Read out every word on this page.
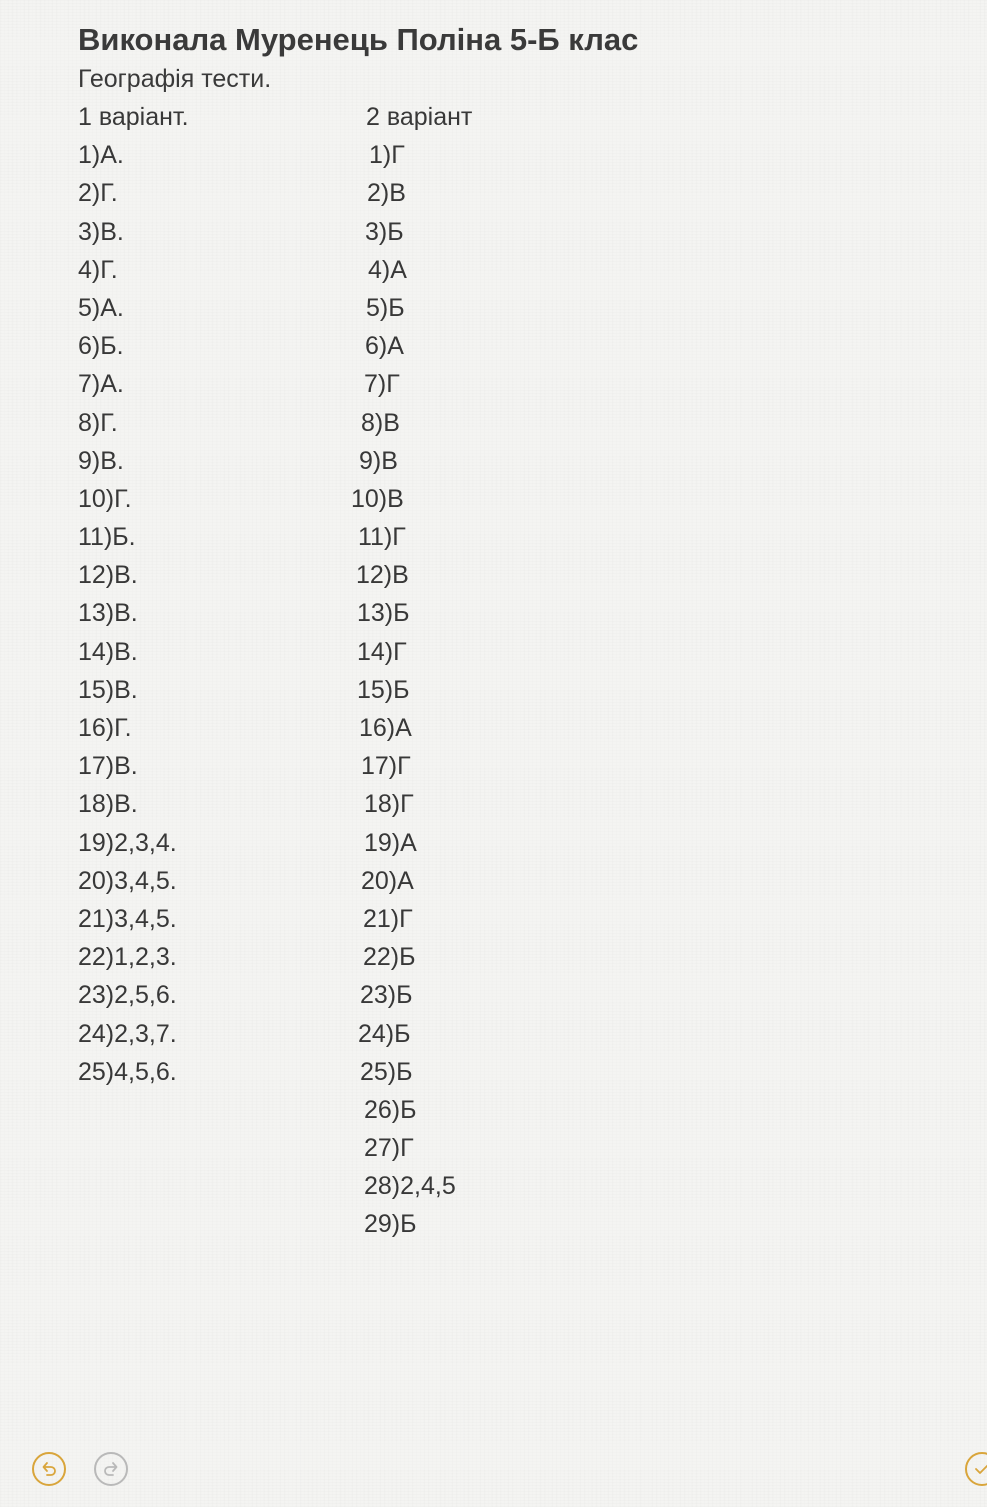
Виконала Муренець Поліна 5-Б клас
Географія тести.
1 варіант.	2 варіант
1)А.	1)Г
2)Г.	2)В
3)В.	3)Б
4)Г.	4)А
5)А.	5)Б
6)Б.	6)А
7)А.	7)Г
8)Г.	8)В
9)В.	9)В
10)Г.	10)В
11)Б.	11)Г
12)В.	12)В
13)В.	13)Б
14)В.	14)Г
15)В.	15)Б
16)Г.	16)А
17)В.	17)Г
18)В.	18)Г
19)2,3,4.	19)А
20)3,4,5.	20)А
21)3,4,5.	21)Г
22)1,2,3.	22)Б
23)2,5,6.	23)Б
24)2,3,7.	24)Б
25)4,5,6.	25)Б
26)Б
27)Г
28)2,4,5
29)Б
